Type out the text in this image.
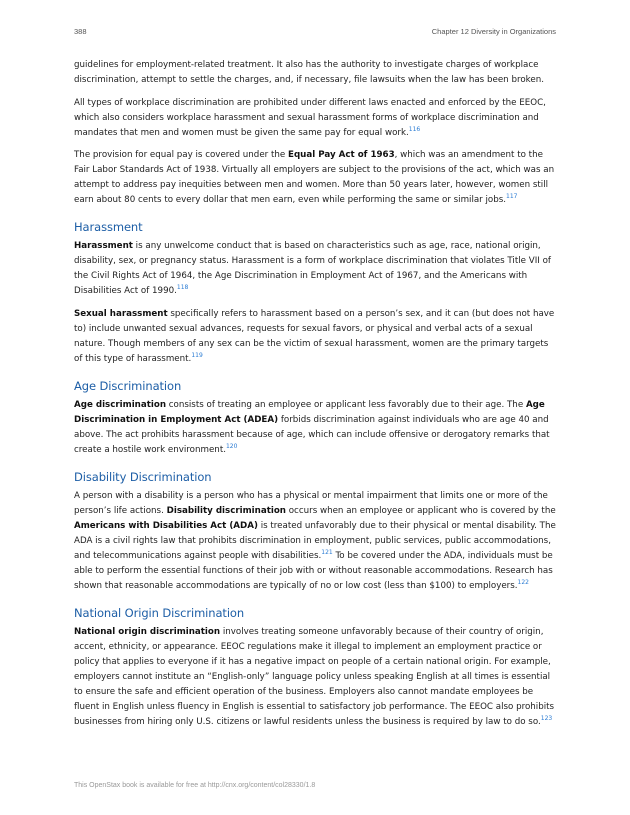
388	Chapter 12 Diversity in Organizations

guidelines for employment-related treatment. It also has the authority to investigate charges of workplace discrimination, attempt to settle the charges, and, if necessary, file lawsuits when the law has been broken.

All types of workplace discrimination are prohibited under different laws enacted and enforced by the EEOC, which also considers workplace harassment and sexual harassment forms of workplace discrimination and mandates that men and women must be given the same pay for equal work.$^{116}$

The provision for equal pay is covered under the Equal Pay Act of 1963, which was an amendment to the Fair Labor Standards Act of 1938. Virtually all employers are subject to the provisions of the act, which was an attempt to address pay inequities between men and women. More than 50 years later, however, women still earn about 80 cents to every dollar that men earn, even while performing the same or similar jobs.$^{117}$

Harassment

Harassment is any unwelcome conduct that is based on characteristics such as age, race, national origin, disability, sex, or pregnancy status. Harassment is a form of workplace discrimination that violates Title VII of the Civil Rights Act of 1964, the Age Discrimination in Employment Act of 1967, and the Americans with Disabilities Act of 1990.$^{118}$

Sexual harassment specifically refers to harassment based on a person’s sex, and it can (but does not have to) include unwanted sexual advances, requests for sexual favors, or physical and verbal acts of a sexual nature. Though members of any sex can be the victim of sexual harassment, women are the primary targets of this type of harassment.$^{119}$

Age Discrimination

Age discrimination consists of treating an employee or applicant less favorably due to their age. The Age Discrimination in Employment Act (ADEA) forbids discrimination against individuals who are age 40 and above. The act prohibits harassment because of age, which can include offensive or derogatory remarks that create a hostile work environment.$^{120}$

Disability Discrimination

A person with a disability is a person who has a physical or mental impairment that limits one or more of the person’s life actions. Disability discrimination occurs when an employee or applicant who is covered by the Americans with Disabilities Act (ADA) is treated unfavorably due to their physical or mental disability. The ADA is a civil rights law that prohibits discrimination in employment, public services, public accommodations, and telecommunications against people with disabilities.$^{121}$ To be covered under the ADA, individuals must be able to perform the essential functions of their job with or without reasonable accommodations. Research has shown that reasonable accommodations are typically of no or low cost (less than $100) to employers.$^{122}$

National Origin Discrimination

National origin discrimination involves treating someone unfavorably because of their country of origin, accent, ethnicity, or appearance. EEOC regulations make it illegal to implement an employment practice or policy that applies to everyone if it has a negative impact on people of a certain national origin. For example, employers cannot institute an “English-only” language policy unless speaking English at all times is essential to ensure the safe and efficient operation of the business. Employers also cannot mandate employees be fluent in English unless fluency in English is essential to satisfactory job performance. The EEOC also prohibits businesses from hiring only U.S. citizens or lawful residents unless the business is required by law to do so.$^{123}$

This OpenStax book is available for free at http://cnx.org/content/col28330/1.8
